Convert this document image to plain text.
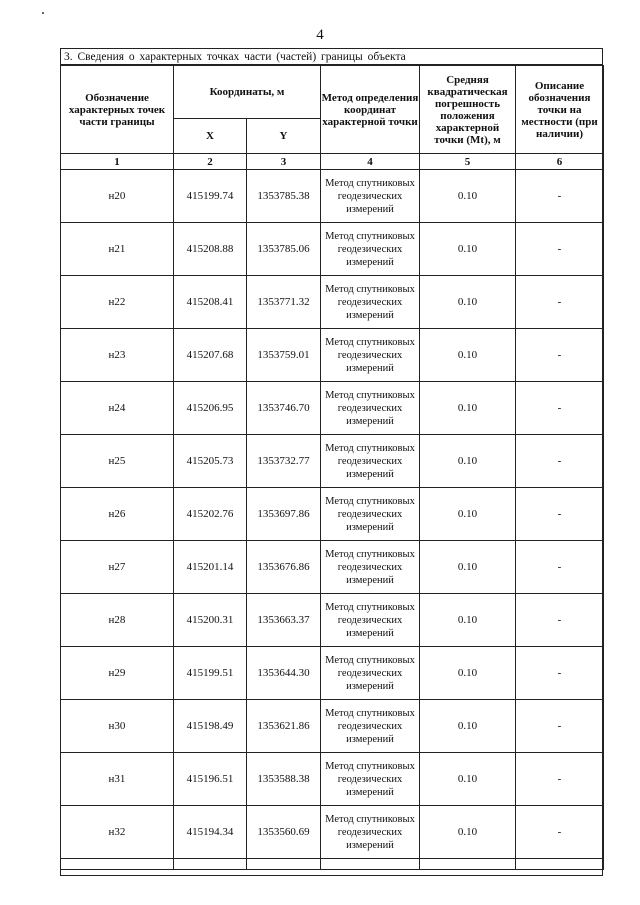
4
3. Сведения о характерных точках части (частей) границы объекта
Обозначение характерных точек части границы	Координаты, м		Метод определения координат характерной точки	Средняя квадратическая погрешность положения характерной точки (Mt), м	Описание обозначения точки на местности (при наличии)
	X	Y			
1	2	3	4	5	6
н20	415199.74	1353785.38	Метод спутниковых геодезических измерений	0.10	-
н21	415208.88	1353785.06	Метод спутниковых геодезических измерений	0.10	-
н22	415208.41	1353771.32	Метод спутниковых геодезических измерений	0.10	-
н23	415207.68	1353759.01	Метод спутниковых геодезических измерений	0.10	-
н24	415206.95	1353746.70	Метод спутниковых геодезических измерений	0.10	-
н25	415205.73	1353732.77	Метод спутниковых геодезических измерений	0.10	-
н26	415202.76	1353697.86	Метод спутниковых геодезических измерений	0.10	-
н27	415201.14	1353676.86	Метод спутниковых геодезических измерений	0.10	-
н28	415200.31	1353663.37	Метод спутниковых геодезических измерений	0.10	-
н29	415199.51	1353644.30	Метод спутниковых геодезических измерений	0.10	-
н30	415198.49	1353621.86	Метод спутниковых геодезических измерений	0.10	-
н31	415196.51	1353588.38	Метод спутниковых геодезических измерений	0.10	-
н32	415194.34	1353560.69	Метод спутниковых геодезических измерений	0.10	-
